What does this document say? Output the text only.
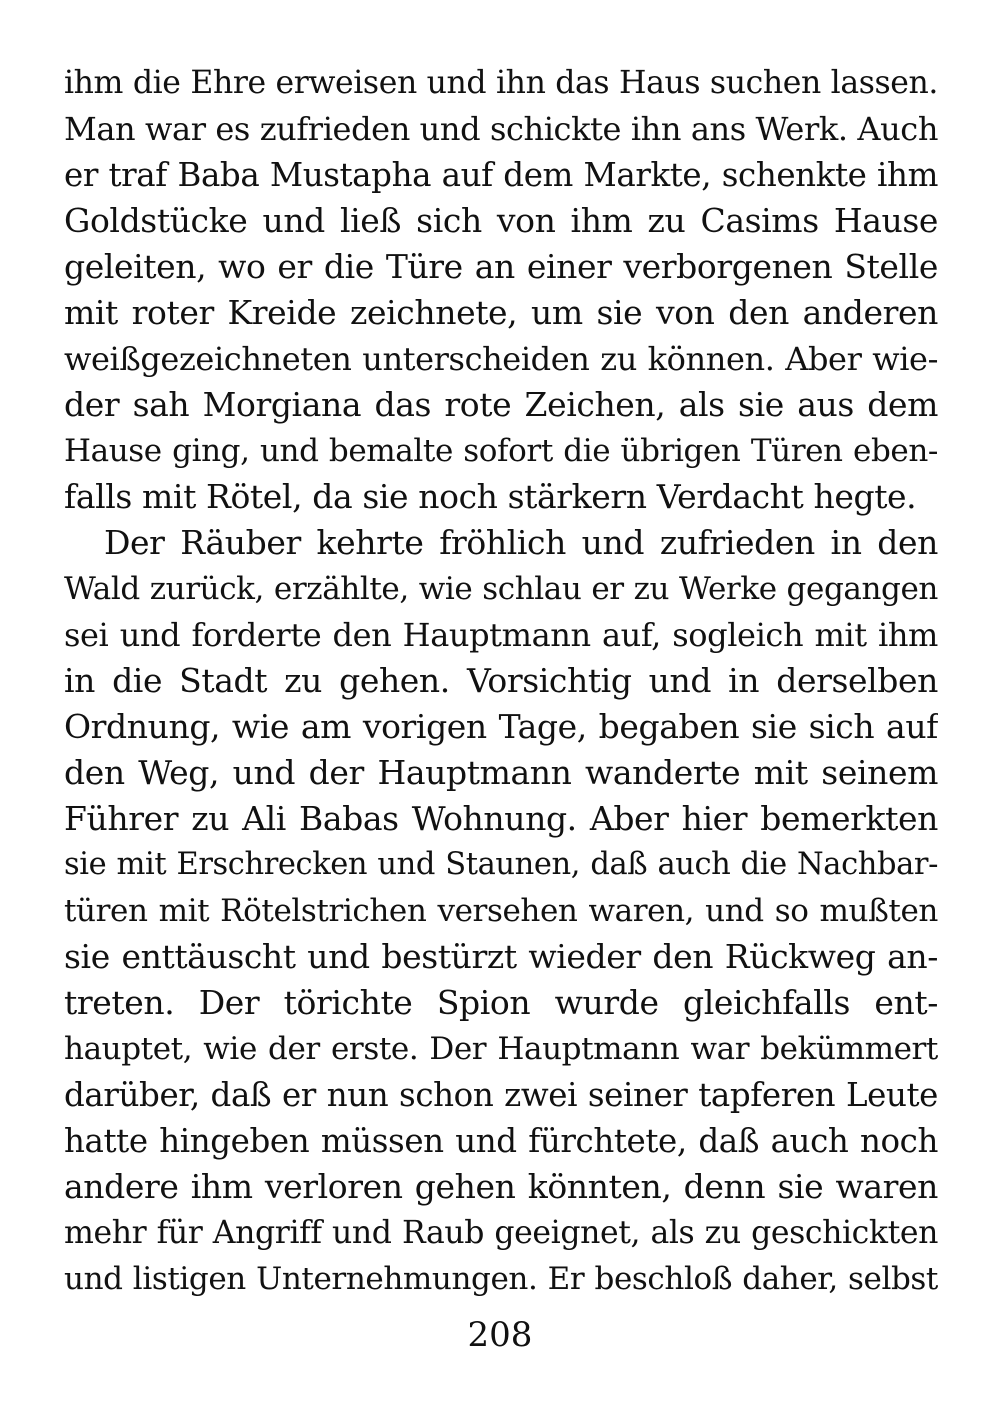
ihm die Ehre erweisen und ihn das Haus suchen lassen.
Man war es zufrieden und schickte ihn ans Werk. Auch
er traf Baba Mustapha auf dem Markte, schenkte ihm
Goldstücke und ließ sich von ihm zu Casims Hause
geleiten, wo er die Türe an einer verborgenen Stelle
mit roter Kreide zeichnete, um sie von den anderen
weißgezeichneten unterscheiden zu können. Aber wie-
der sah Morgiana das rote Zeichen, als sie aus dem
Hause ging, und bemalte sofort die übrigen Türen eben-
falls mit Rötel, da sie noch stärkern Verdacht hegte.
Der Räuber kehrte fröhlich und zufrieden in den
Wald zurück, erzählte, wie schlau er zu Werke gegangen
sei und forderte den Hauptmann auf, sogleich mit ihm
in die Stadt zu gehen. Vorsichtig und in derselben
Ordnung, wie am vorigen Tage, begaben sie sich auf
den Weg, und der Hauptmann wanderte mit seinem
Führer zu Ali Babas Wohnung. Aber hier bemerkten
sie mit Erschrecken und Staunen, daß auch die Nachbar-
türen mit Rötelstrichen versehen waren, und so mußten
sie enttäuscht und bestürzt wieder den Rückweg an-
treten. Der törichte Spion wurde gleichfalls ent-
hauptet, wie der erste. Der Hauptmann war bekümmert
darüber, daß er nun schon zwei seiner tapferen Leute
hatte hingeben müssen und fürchtete, daß auch noch
andere ihm verloren gehen könnten, denn sie waren
mehr für Angriff und Raub geeignet, als zu geschickten
und listigen Unternehmungen. Er beschloß daher, selbst
208
